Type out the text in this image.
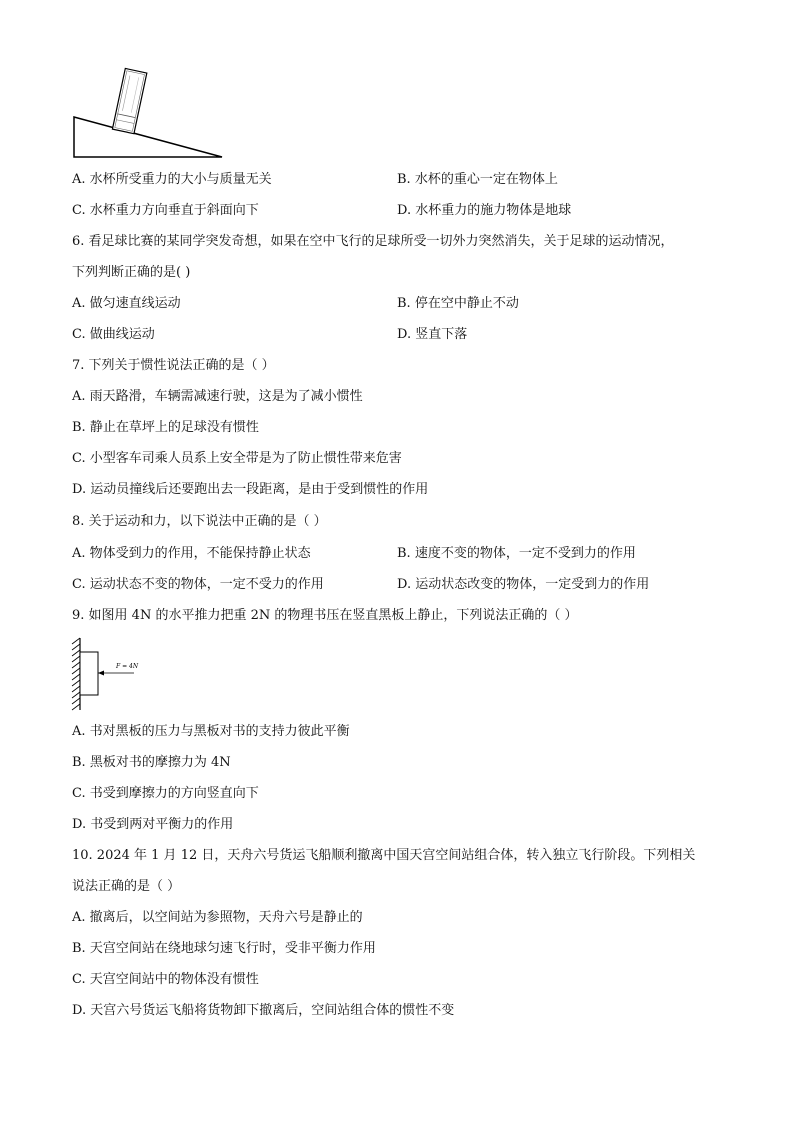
A. 水杯所受重力的大小与质量无关	B. 水杯的重心一定在物体上
C. 水杯重力方向垂直于斜面向下	D. 水杯重力的施力物体是地球
6. 看足球比赛的某同学突发奇想，如果在空中飞行的足球所受一切外力突然消失，关于足球的运动情况，
下列判断正确的是( )
A. 做匀速直线运动	B. 停在空中静止不动
C. 做曲线运动	D. 竖直下落
7. 下列关于惯性说法正确的是（ ）
A. 雨天路滑，车辆需减速行驶，这是为了减小惯性
B. 静止在草坪上的足球没有惯性
C. 小型客车司乘人员系上安全带是为了防止惯性带来危害
D. 运动员撞线后还要跑出去一段距离，是由于受到惯性的作用
8. 关于运动和力，以下说法中正确的是（ ）
A. 物体受到力的作用，不能保持静止状态	B. 速度不变的物体，一定不受到力的作用
C. 运动状态不变的物体，一定不受力的作用	D. 运动状态改变的物体，一定受到力的作用
9. 如图用 4N 的水平推力把重 2N 的物理书压在竖直黑板上静止，下列说法正确的（ ）
F = 4N
A. 书对黑板的压力与黑板对书的支持力彼此平衡
B. 黑板对书的摩擦力为 4N
C. 书受到摩擦力的方向竖直向下
D. 书受到两对平衡力的作用
10. 2024 年 1 月 12 日，天舟六号货运飞船顺利撤离中国天宫空间站组合体，转入独立飞行阶段。下列相关
说法正确的是（ ）
A. 撤离后，以空间站为参照物，天舟六号是静止的
B. 天宫空间站在绕地球匀速飞行时，受非平衡力作用
C. 天宫空间站中的物体没有惯性
D. 天宫六号货运飞船将货物卸下撤离后，空间站组合体的惯性不变
